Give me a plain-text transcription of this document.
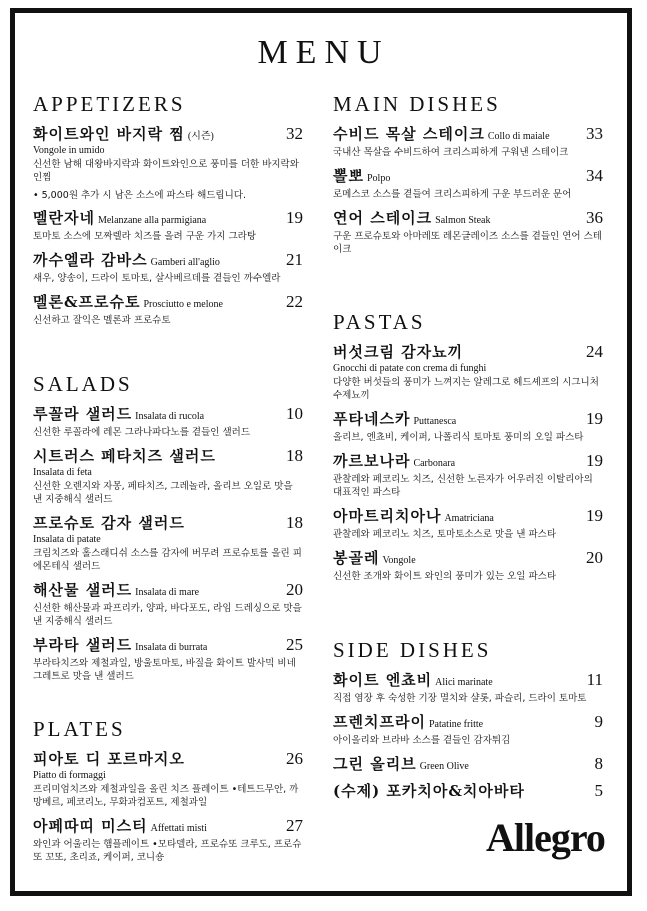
MENU
APPETIZERS
화이트와인 바지락 찜 (시즌)	32
Vongole in umido
신선한 남해 대왕바지락과 화이트와인으로 풍미를 더한 바지락와인찜
• 5,000원 추가 시 남은 소스에 파스타 해드립니다.
멜란자네 Melanzane alla parmigiana	19
토마토 소스에 모짜렐라 치즈를 올려 구운 가지 그라탕
까수엘라 감바스 Gamberi all'aglio	21
새우, 양송이, 드라이 토마토, 살사베르데를 곁들인 까수엘라
멜론&프로슈토 Prosciutto e melone	22
신선하고 잘익은 멜론과 프로슈토
SALADS
루꼴라 샐러드 Insalata di rucola	10
신선한 루꼴라에 레몬 그라나파다노를 곁들인 샐러드
시트러스 페타치즈 샐러드	18
Insalata di feta
신선한 오렌지와 자몽, 페타치즈, 그레놀라, 올리브 오일로 맛을 낸 지중해식 샐러드
프로슈토 감자 샐러드	18
Insalata di patate
크림치즈와 홀스래디쉬 소스를 감자에 버무려 프로슈토를 올린 피에몬테식 샐러드
해산물 샐러드 Insalata di mare	20
신선한 해산물과 파프리카, 양파, 바다포도, 라임 드레싱으로 맛을 낸 지중해식 샐러드
부라타 샐러드 Insalata di burrata	25
부라타치즈와 제철과일, 방울토마토, 바질을 화이트 발사믹 비네그레트로 맛을 낸 샐러드
PLATES
피아토 디 포르마지오	26
Piatto di formaggi
프리미엄치즈와 제철과일을 올린 치즈 플레이트 •테트드무안, 까망베르, 페코리노, 무화과컴포트, 제철과일
아페따띠 미스티 Affettati misti	27
와인과 어울리는 햄플레이트 •모타델라, 프로슈또 크루도, 프로슈또 꼬또, 초리죠, 케이퍼, 코니숑
MAIN DISHES
수비드 목살 스테이크 Collo di maiale 33
국내산 목살을 수비드하여 크리스피하게 구워낸 스테이크
뽈뽀 Polpo	34
로메스코 소스를 곁들여 크리스피하게 구운 부드러운 문어
연어 스테이크 Salmon Steak	36
구운 프로슈토와 아마레또 레몬글레이즈 소스를 곁들인 연어 스테이크
PASTAS
버섯크림 감자뇨끼	24
Gnocchi di patate con crema di funghi
다양한 버섯들의 풍미가 느껴지는 알레그로 헤드셰프의 시그니처 수제뇨끼
푸타네스카 Puttanesca	19
올리브, 엔쵸비, 케이퍼, 나폴리식 토마토 풍미의 오일 파스타
까르보나라 Carbonara	19
관찰레와 페코리노 치즈, 신선한 노른자가 어우러진 이탈리아의 대표적인 파스타
아마트리치아나 Amatriciana	19
관찰레와 페코리노 치즈, 토마토소스로 맛을 낸 파스타
봉골레 Vongole	20
신선한 조개와 화이트 와인의 풍미가 있는 오일 파스타
SIDE DISHES
화이트 엔쵸비 Alici marinate	11
직접 염장 후 숙성한 기장 멸치와 샬롯, 파슬리, 드라이 토마토
프렌치프라이 Patatine fritte	9
아이올리와 브라바 소스를 곁들인 감자튀김
그린 올리브 Green Olive	8
(수제) 포카치아&치아바타	5
Allegro
